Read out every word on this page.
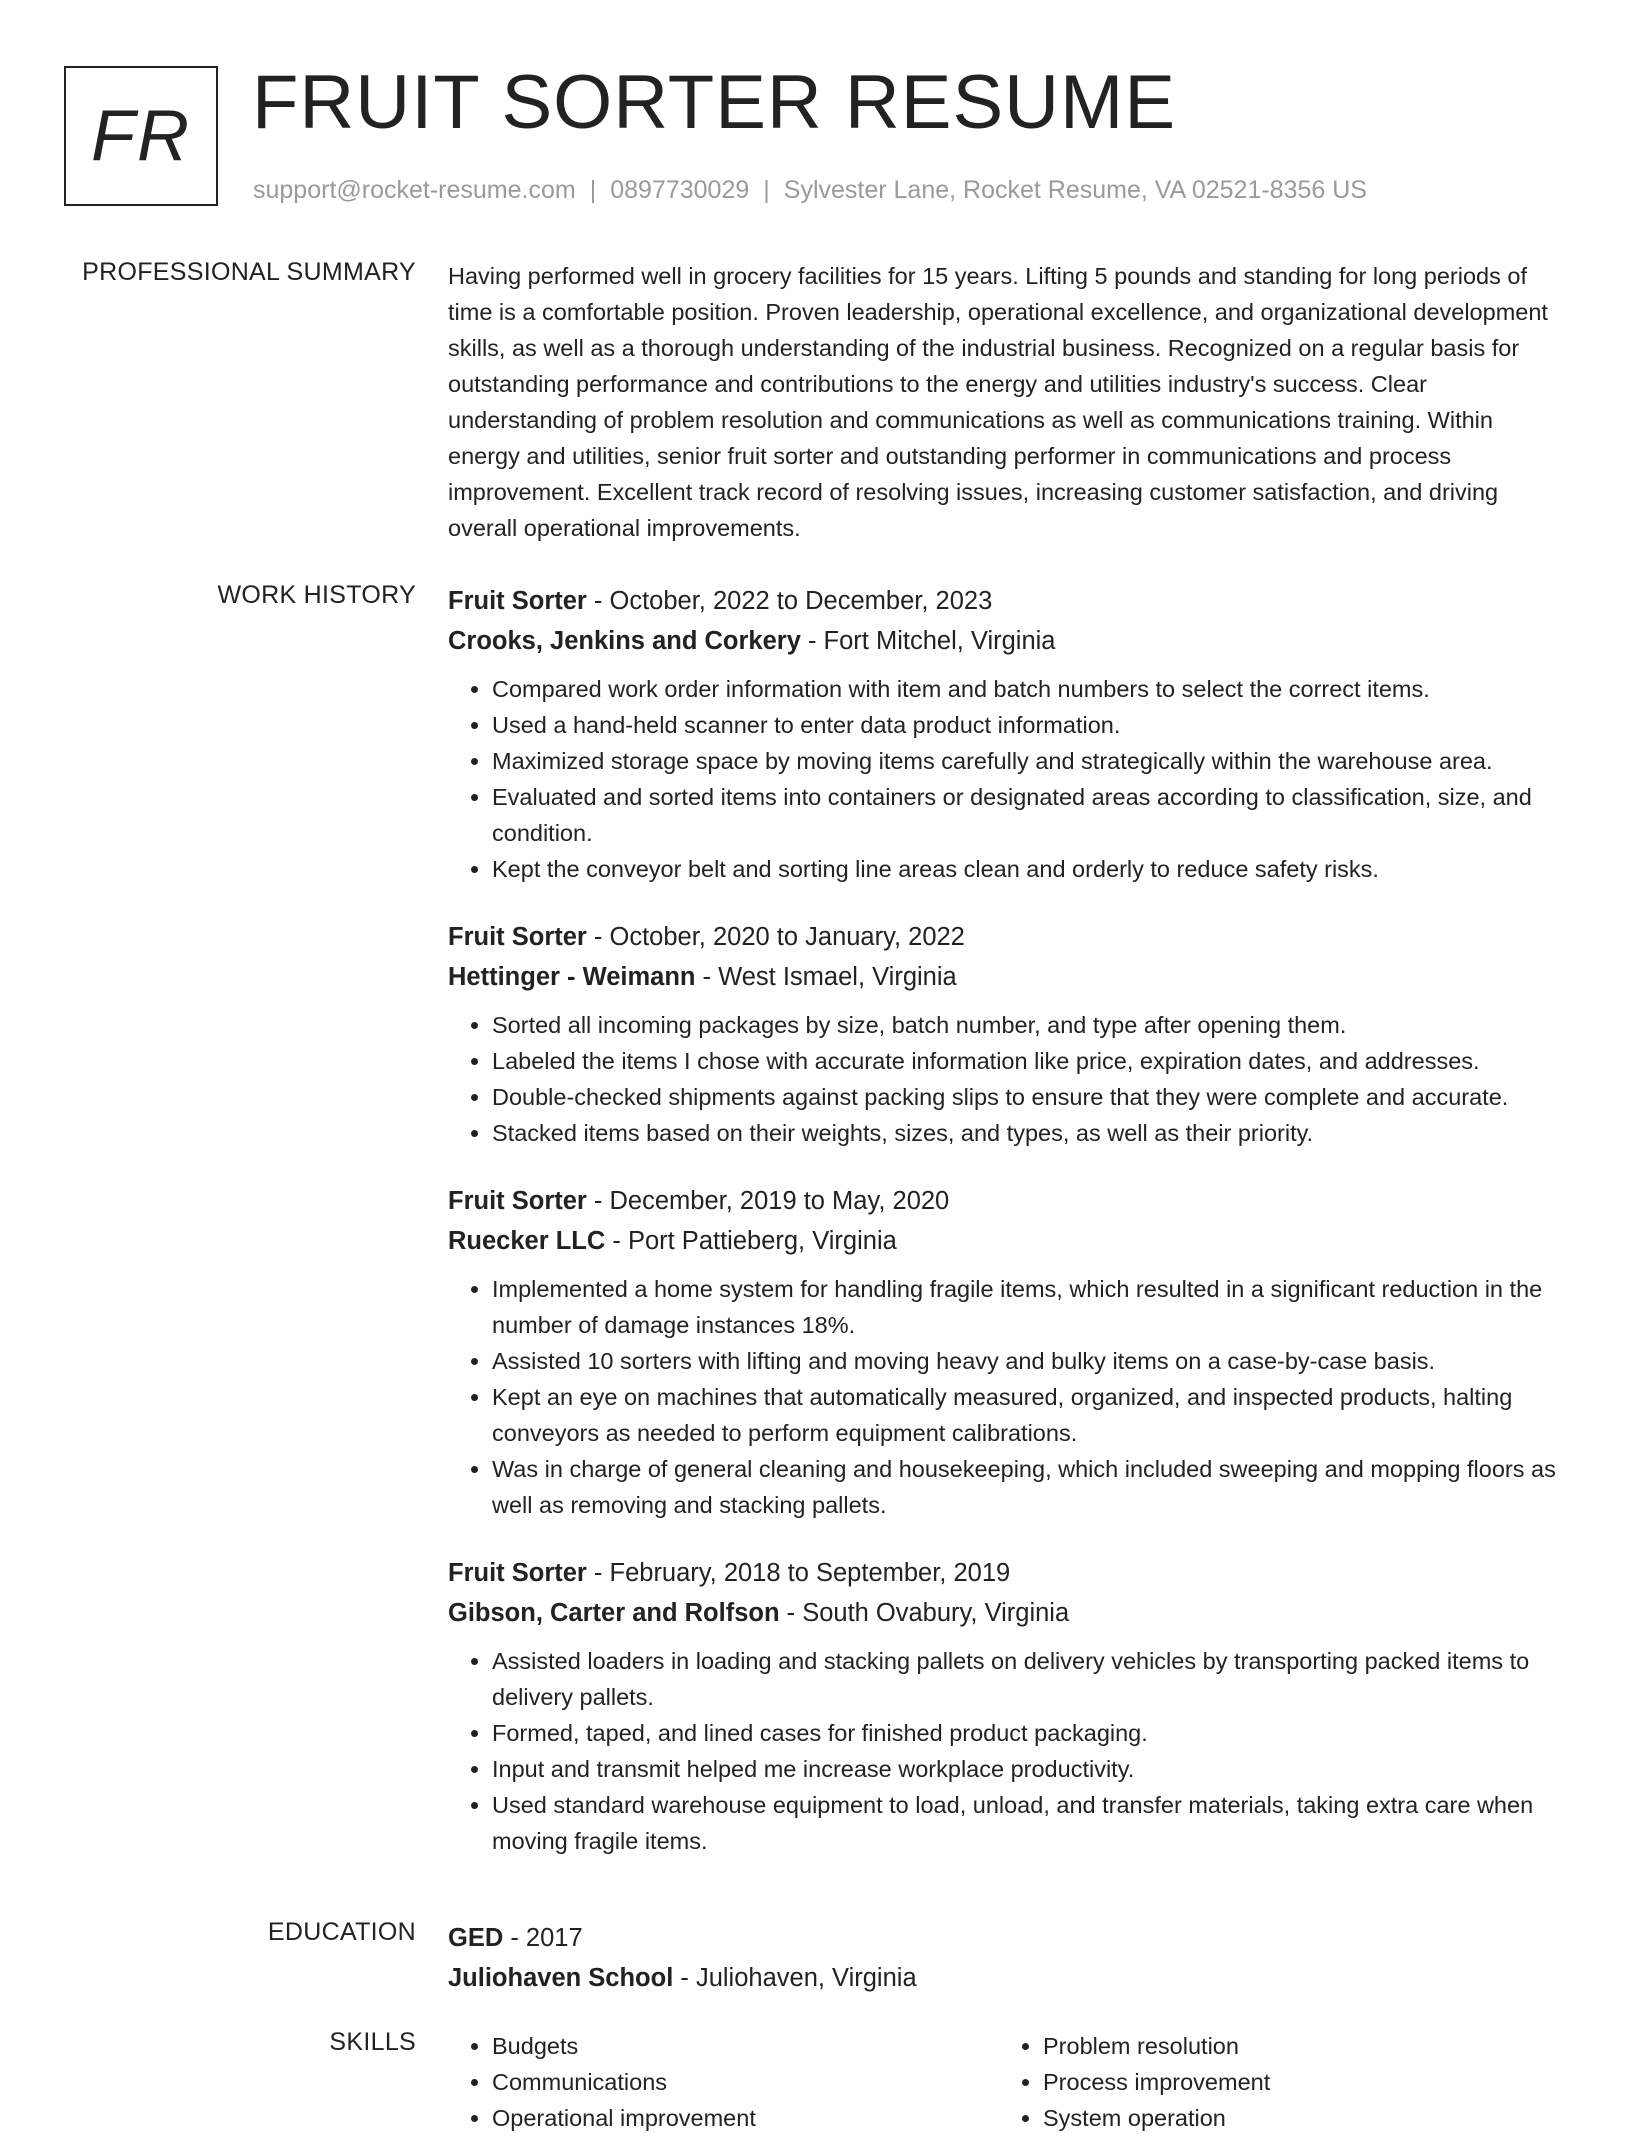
FR FRUIT SORTER RESUME
support@rocket-resume.com | 0897730029 | Sylvester Lane, Rocket Resume, VA 02521-8356 US
PROFESSIONAL SUMMARY Having performed well in grocery facilities for 15 years. Lifting 5 pounds and standing for long periods of time is a comfortable position. Proven leadership, operational excellence, and organizational development skills, as well as a thorough understanding of the industrial business. Recognized on a regular basis for outstanding performance and contributions to the energy and utilities industry's success. Clear understanding of problem resolution and communications as well as communications training. Within energy and utilities, senior fruit sorter and outstanding performer in communications and process improvement. Excellent track record of resolving issues, increasing customer satisfaction, and driving overall operational improvements.
WORK HISTORY Fruit Sorter - October, 2022 to December, 2023
Crooks, Jenkins and Corkery - Fort Mitchel, Virginia
• Compared work order information with item and batch numbers to select the correct items.
• Used a hand-held scanner to enter data product information.
• Maximized storage space by moving items carefully and strategically within the warehouse area.
• Evaluated and sorted items into containers or designated areas according to classification, size, and condition.
• Kept the conveyor belt and sorting line areas clean and orderly to reduce safety risks.
Fruit Sorter - October, 2020 to January, 2022
Hettinger - Weimann - West Ismael, Virginia
• Sorted all incoming packages by size, batch number, and type after opening them.
• Labeled the items I chose with accurate information like price, expiration dates, and addresses.
• Double-checked shipments against packing slips to ensure that they were complete and accurate.
• Stacked items based on their weights, sizes, and types, as well as their priority.
Fruit Sorter - December, 2019 to May, 2020
Ruecker LLC - Port Pattieberg, Virginia
• Implemented a home system for handling fragile items, which resulted in a significant reduction in the number of damage instances 18%.
• Assisted 10 sorters with lifting and moving heavy and bulky items on a case-by-case basis.
• Kept an eye on machines that automatically measured, organized, and inspected products, halting conveyors as needed to perform equipment calibrations.
• Was in charge of general cleaning and housekeeping, which included sweeping and mopping floors as well as removing and stacking pallets.
Fruit Sorter - February, 2018 to September, 2019
Gibson, Carter and Rolfson - South Ovabury, Virginia
• Assisted loaders in loading and stacking pallets on delivery vehicles by transporting packed items to delivery pallets.
• Formed, taped, and lined cases for finished product packaging.
• Input and transmit helped me increase workplace productivity.
• Used standard warehouse equipment to load, unload, and transfer materials, taking extra care when moving fragile items.
EDUCATION GED - 2017
Juliohaven School - Juliohaven, Virginia
SKILLS
•	Budgets
• Communications
• Operational improvement
• Problem resolution
• Process improvement
• System operation
